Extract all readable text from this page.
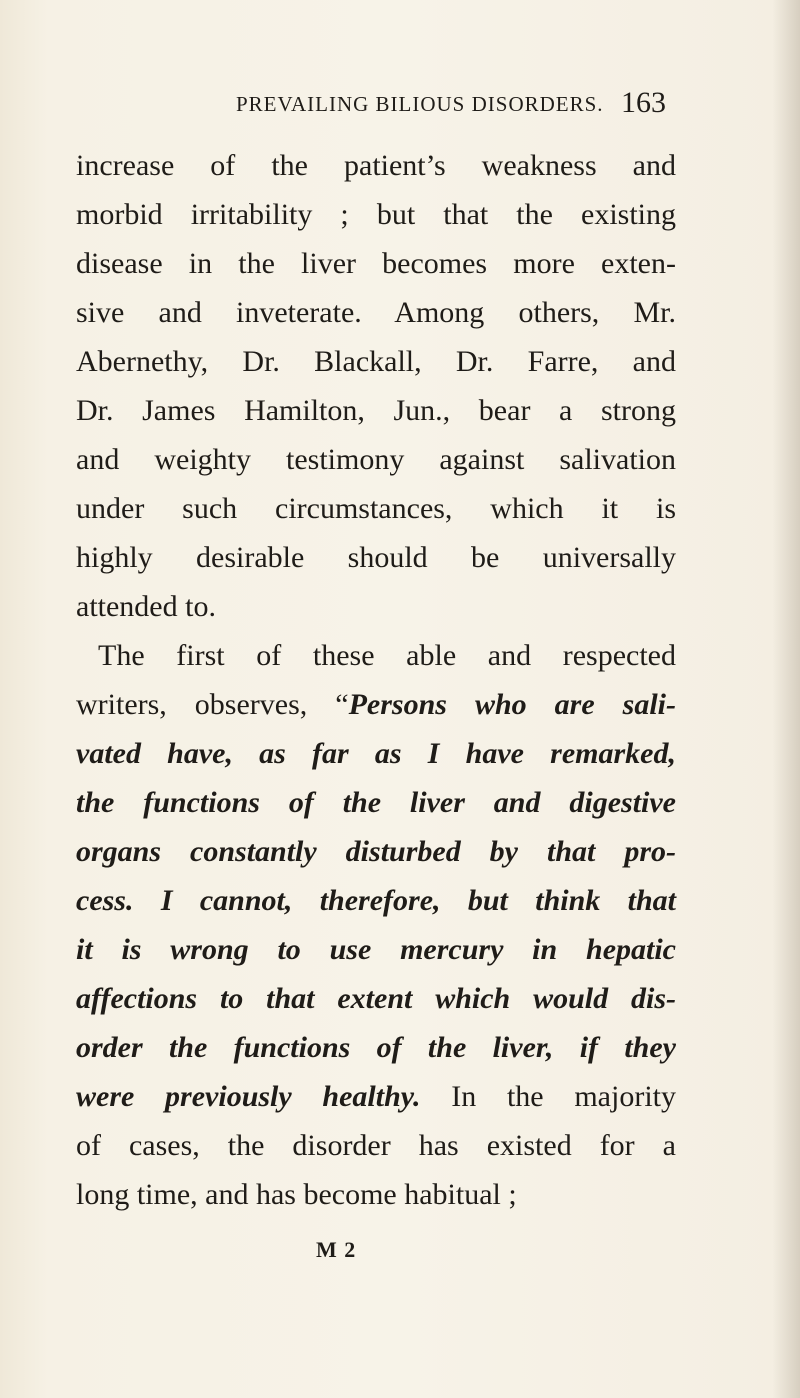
PREVAILING BILIOUS DISORDERS. 163
increase of the patient’s weakness and
morbid irritability ; but that the existing
disease in the liver becomes more exten-
sive and inveterate. Among others, Mr.
Abernethy, Dr. Blackall, Dr. Farre, and
Dr. James Hamilton, Jun., bear a strong
and weighty testimony against salivation
under such circumstances, which it is
highly desirable should be universally
attended to.
The first of these able and respected
writers, observes, “Persons who are sali-
vated have, as far as I have remarked,
the functions of the liver and digestive
organs constantly disturbed by that pro-
cess. I cannot, therefore, but think that
it is wrong to use mercury in hepatic
affections to that extent which would dis-
order the functions of the liver, if they
were previously healthy. In the majority
of cases, the disorder has existed for a
long time, and has become habitual ;
M 2
